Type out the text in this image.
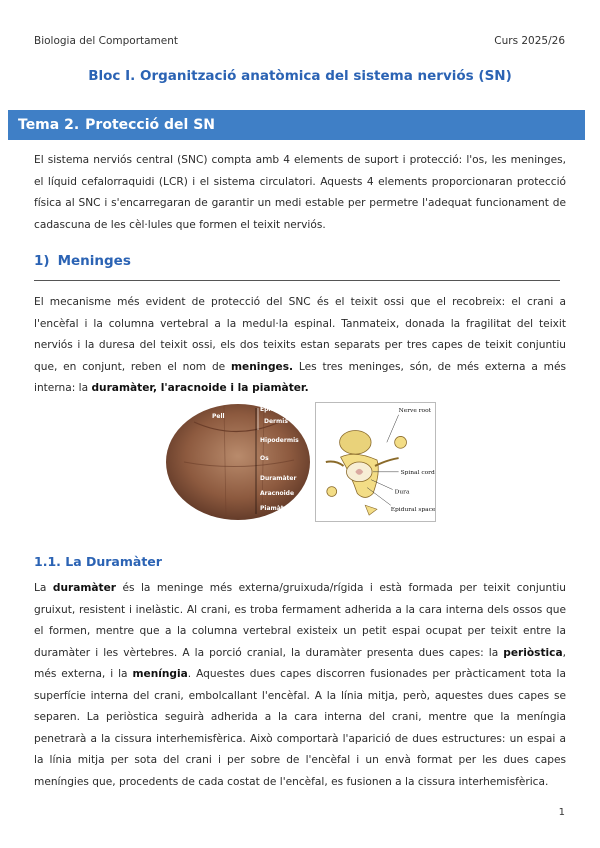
Biologia del Comportament	Curs 2025/26
Bloc I. Organització anatòmica del sistema nerviós (SN)
Tema 2. Protecció del SN

El sistema nerviós central (SNC) compta amb 4 elements de suport i protecció: l'os, les meninges, el líquid cefalorraquidi (LCR) i el sistema circulatori. Aquests 4 elements proporcionaran protecció física al SNC i s'encarregaran de garantir un medi estable per permetre l'adequat funcionament de cadascuna de les cèl·lules que formen el teixit nerviós.

1) Meninges

El mecanisme més evident de protecció del SNC és el teixit ossi que el recobreix: el crani a l'encèfal i la columna vertebral a la medul·la espinal. Tanmateix, donada la fragilitat del teixit nerviós i la duresa del teixit ossi, els dos teixits estan separats per tres capes de teixit conjuntiu que, en conjunt, reben el nom de meninges. Les tres meninges, són, de més externa a més interna: la duramàter, l'aracnoide i la piamàter.

Pell
Epidermis
Dermis
Hipodermis
Os
Duramàter
Aracnoide
Piamàter
Nerve root
Spinal cord
Dura
Epidural space
1.1. La Duramàter

La duramàter és la meninge més externa/gruixuda/rígida i està formada per teixit conjuntiu gruixut, resistent i inelàstic. Al crani, es troba fermament adherida a la cara interna dels ossos que el formen, mentre que a la columna vertebral existeix un petit espai ocupat per teixit entre la duramàter i les vèrtebres. A la porció cranial, la duramàter presenta dues capes: la periòstica, més externa, i la meníngia. Aquestes dues capes discorren fusionades per pràcticament tota la superfície interna del crani, embolcallant l'encèfal. A la línia mitja, però, aquestes dues capes se separen. La periòstica seguirà adherida a la cara interna del crani, mentre que la meníngia penetrarà a la cissura interhemisfèrica. Això comportarà l'aparició de dues estructures: un espai a la línia mitja per sota del crani i per sobre de l'encèfal i un envà format per les dues capes meníngies que, procedents de cada costat de l'encèfal, es fusionen a la cissura interhemisfèrica.

1
